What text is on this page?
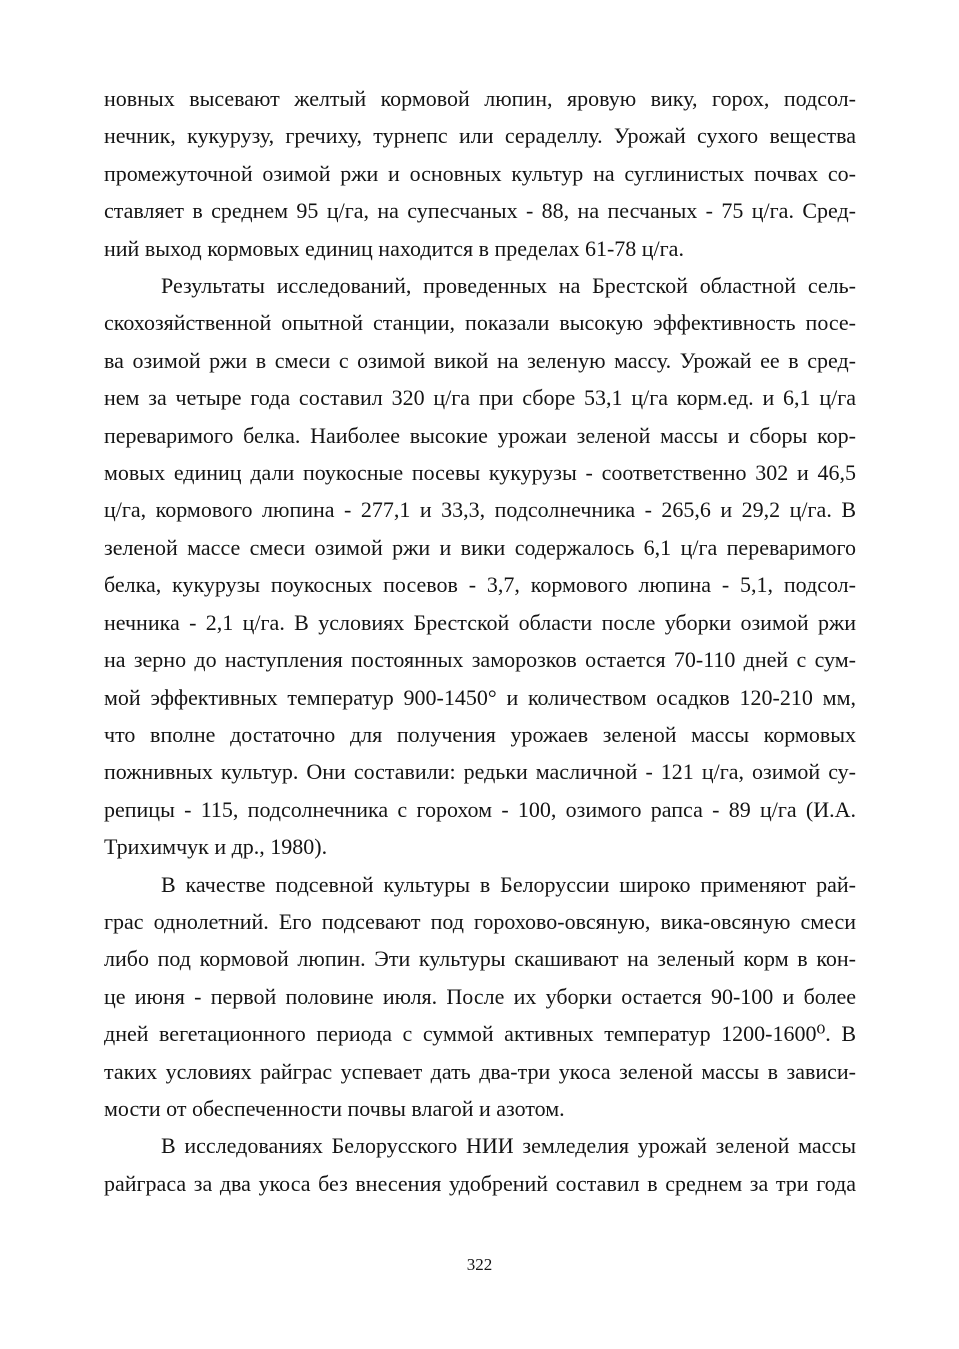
новных высевают желтый кормовой люпин, яровую вику, горох, подсол-
нечник, кукурузу, гречиху, турнепс или сераделлу. Урожай сухого вещества
промежуточной озимой ржи и основных культур на суглинистых почвах со-
ставляет в среднем 95 ц/га, на супесчаных - 88, на песчаных - 75 ц/га. Сред-
ний выход кормовых единиц находится в пределах 61-78 ц/га.

Результаты исследований, проведенных на Брестской областной сель-
скохозяйственной опытной станции, показали высокую эффективность посе-
ва озимой ржи в смеси с озимой викой на зеленую массу. Урожай ее в сред-
нем за четыре года составил 320 ц/га при сборе 53,1 ц/га корм.ед. и 6,1 ц/га
переваримого белка. Наиболее высокие урожаи зеленой массы и сборы кор-
мовых единиц дали поукосные посевы кукурузы - соответственно 302 и 46,5
ц/га, кормового люпина - 277,1 и 33,3, подсолнечника - 265,6 и 29,2 ц/га. В
зеленой массе смеси озимой ржи и вики содержалось 6,1 ц/га переваримого
белка, кукурузы поукосных посевов - 3,7, кормового люпина - 5,1, подсол-
нечника - 2,1 ц/га. В условиях Брестской области после уборки озимой ржи
на зерно до наступления постоянных заморозков остается 70-110 дней с сум-
мой эффективных температур 900-1450° и количеством осадков 120-210 мм,
что вполне достаточно для получения урожаев зеленой массы кормовых
пожнивных культур. Они составили: редьки масличной - 121 ц/га, озимой су-
репицы - 115, подсолнечника с горохом - 100, озимого рапса - 89 ц/га (И.А.
Трихимчук и др., 1980).

В качестве подсевной культуры в Белоруссии широко применяют рай-
грас однолетний. Его подсевают под горохово-овсяную, вика-овсяную смеси
либо под кормовой люпин. Эти культуры скашивают на зеленый корм в кон-
це июня - первой половине июля. После их уборки остается 90-100 и более
дней вегетационного периода с суммой активных температур 1200-1600⁰. В
таких условиях райграс успевает дать два-три укоса зеленой массы в зависи-
мости от обеспеченности почвы влагой и азотом.

В исследованиях Белорусского НИИ земледелия урожай зеленой массы
райграса за два укоса без внесения удобрений составил в среднем за три года

322
